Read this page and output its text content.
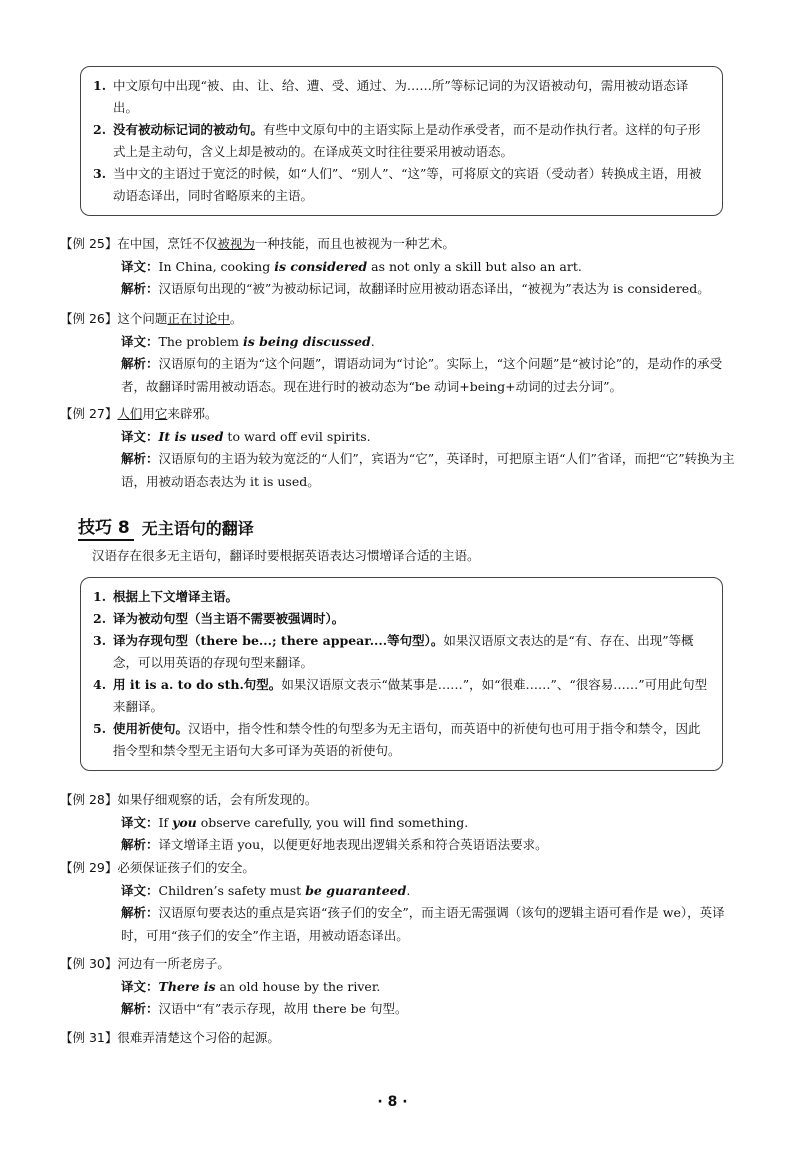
1. 中文原句中出现“被、由、让、给、遭、受、通过、为……所”等标记词的为汉语被动句，需用被动语态译出。
2. 没有被动标记词的被动句。有些中文原句中的主语实际上是动作承受者，而不是动作执行者。这样的句子形式上是主动句，含义上却是被动的。在译成英文时往往要采用被动语态。
3. 当中文的主语过于宽泛的时候，如“人们”、“别人”、“这”等，可将原文的宾语（受动者）转换成主语，用被动语态译出，同时省略原来的主语。
【例 25】在中国，烹饪不仅被视为一种技能，而且也被视为一种艺术。
译文：In China, cooking is considered as not only a skill but also an art.
解析：汉语原句出现的“被”为被动标记词，故翻译时应用被动语态译出，“被视为”表达为 is considered。
【例 26】这个问题正在讨论中。
译文：The problem is being discussed.
解析：汉语原句的主语为“这个问题”，谓语动词为“讨论”。实际上，“这个问题”是“被讨论”的，是动作的承受者，故翻译时需用被动语态。现在进行时的被动态为“be 动词+being+动词的过去分词”。
【例 27】人们用它来辟邪。
译文：It is used to ward off evil spirits.
解析：汉语原句的主语为较为宽泛的“人们”，宾语为“它”，英译时，可把原主语“人们”省译，而把“它”转换为主语，用被动语态表达为 it is used。
技巧 8 无主语句的翻译
汉语存在很多无主语句，翻译时要根据英语表达习惯增译合适的主语。
1. 根据上下文增译主语。
2. 译为被动句型（当主语不需要被强调时）。
3. 译为存现句型（there be...; there appear....等句型）。如果汉语原文表达的是“有、存在、出现”等概念，可以用英语的存现句型来翻译。
4. 用 it is a. to do sth.句型。如果汉语原文表示“做某事是……”，如“很难……”、“很容易……”可用此句型来翻译。
5. 使用祈使句。汉语中，指令性和禁令性的句型多为无主语句，而英语中的祈使句也可用于指令和禁令，因此指令型和禁令型无主语句大多可译为英语的祈使句。
【例 28】如果仔细观察的话，会有所发现的。
译文：If you observe carefully, you will find something.
解析：译文增译主语 you，以便更好地表现出逻辑关系和符合英语语法要求。
【例 29】必须保证孩子们的安全。
译文：Children’s safety must be guaranteed.
解析：汉语原句要表达的重点是宾语“孩子们的安全”，而主语无需强调（该句的逻辑主语可看作是 we），英译时，可用“孩子们的安全”作主语，用被动语态译出。
【例 30】河边有一所老房子。
译文：There is an old house by the river.
解析：汉语中“有”表示存现，故用 there be 句型。
【例 31】很难弄清楚这个习俗的起源。
· 8 ·
